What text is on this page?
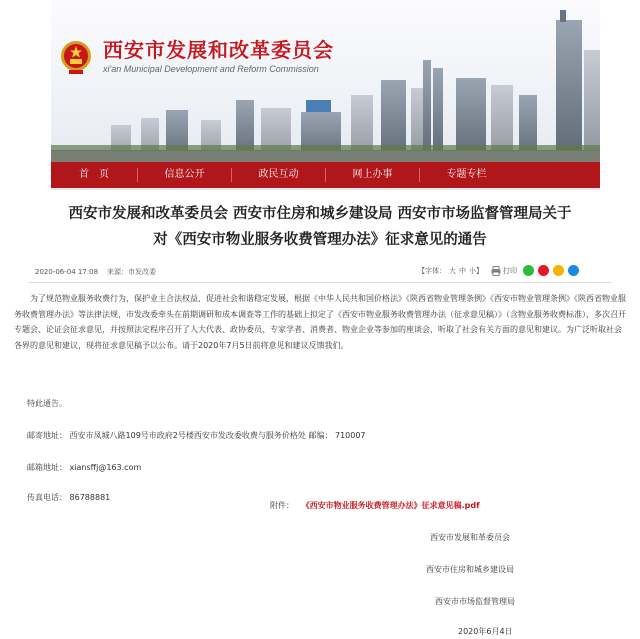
西安市发展和改革委员会
xi'an Municipal Development and Reform Commission
首　页	信息公开	政民互动	网上办事	专题专栏
西安市发展和改革委员会 西安市住房和城乡建设局 西安市市场监督管理局关于
对《西安市物业服务收费管理办法》征求意见的通告
2020-06-04 17:08 来源：市发改委	【字体： 大 中 小 】	打印
为了规范物业服务收费行为，保护业主合法权益，促进社会和谐稳定发展，根据《中华人民共和国价格法》《陕西省物业管理条例》《西安市物业管理条例》《陕西省物业服务收费管理办法》等法律法规，市发改委牵头在前期调研和成本调查等工作的基础上拟定了《西安市物业服务收费管理办法（征求意见稿）》（含物业服务收费标准），多次召开专题会、论证会征求意见，并按照法定程序召开了人大代表、政协委员、专家学者、消费者、物业企业等参加的座谈会，听取了社会有关方面的意见和建议。为广泛听取社会各界的意见和建议，现将征求意见稿予以公布。请于2020年7月5日前将意见和建议反馈我们。
特此通告。
邮寄地址： 西安市凤城八路109号市政府2号楼西安市发改委收费与服务价格处 邮编： 710007
邮箱地址： xiansffj@163.com
传真电话： 86788881
附件： 《西安市物业服务收费管理办法》征求意见稿.pdf
西安市发展和革委员会
西安市住房和城乡建设局
西安市市场监督管理局
2020年6月4日
